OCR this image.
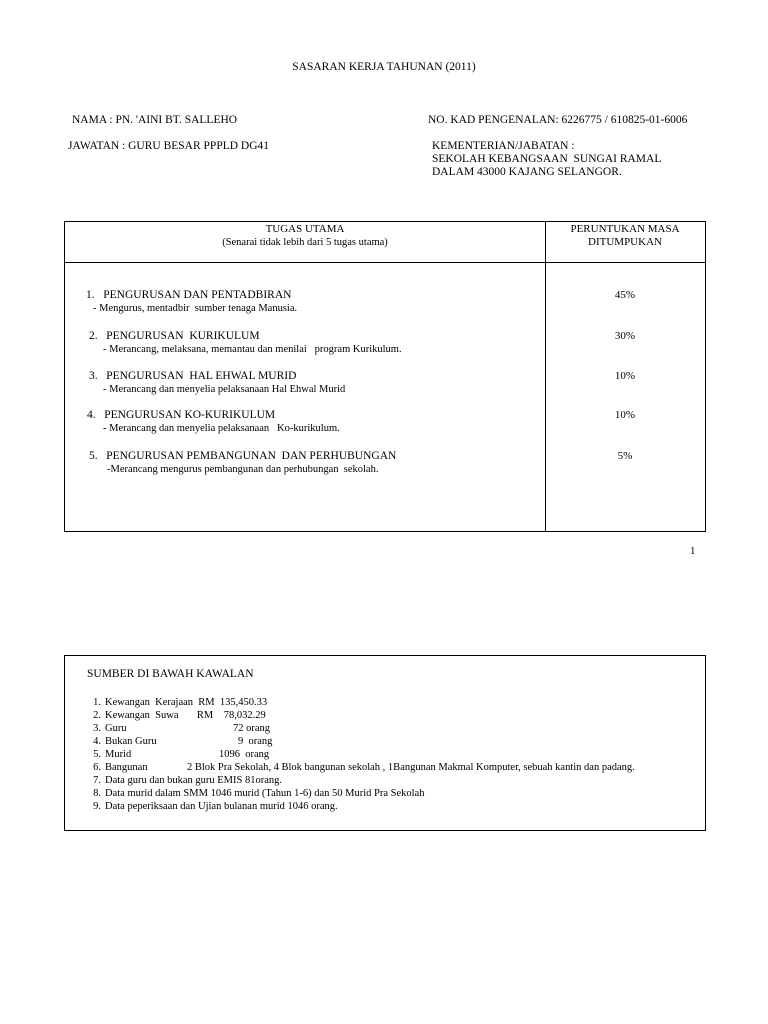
SASARAN KERJA TAHUNAN (2011)
NAMA : PN. 'AINI BT. SALLEHO	NO. KAD PENGENALAN: 6226775 / 610825-01-6006
JAWATAN : GURU BESAR PPPLD DG41	KEMENTERIAN/JABATAN :
SEKOLAH KEBANGSAAN  SUNGAI RAMAL
DALAM 43000 KAJANG SELANGOR.
TUGAS UTAMA
(Senarai tidak lebih dari 5 tugas utama)
PERUNTUKAN MASA
DITUMPUKAN
1.   PENGURUSAN DAN PENTADBIRAN
- Mengurus, mentadbir  sumber tenaga Manusia.
45%
2.   PENGURUSAN  KURIKULUM
- Merancang, melaksana, memantau dan menilai   program Kurikulum.
30%
3.   PENGURUSAN  HAL EHWAL MURID
- Merancang dan menyelia pelaksanaan Hal Ehwal Murid
10%
4.   PENGURUSAN KO-KURIKULUM
- Merancang dan menyelia pelaksanaan   Ko-kurikulum.
10%
5.   PENGURUSAN PEMBANGUNAN  DAN PERHUBUNGAN
-Merancang mengurus pembangunan dan perhubungan  sekolah.
5%
1
SUMBER DI BAWAH KAWALAN
1. Kewangan  Kerajaan  RM  135,450.33
2. Kewangan  Suwa       RM    78,032.29
3. Guru	72 orang
4. Bukan Guru	9  orang
5. Murid	1096  orang
6. Bangunan	2 Blok Pra Sekolah, 4 Blok bangunan sekolah , 1Bangunan Makmal Komputer, sebuah kantin dan padang.
7. Data guru dan bukan guru EMIS 81orang.
8. Data murid dalam SMM 1046 murid (Tahun 1-6) dan 50 Murid Pra Sekolah
9. Data peperiksaan dan Ujian bulanan murid 1046 orang.
